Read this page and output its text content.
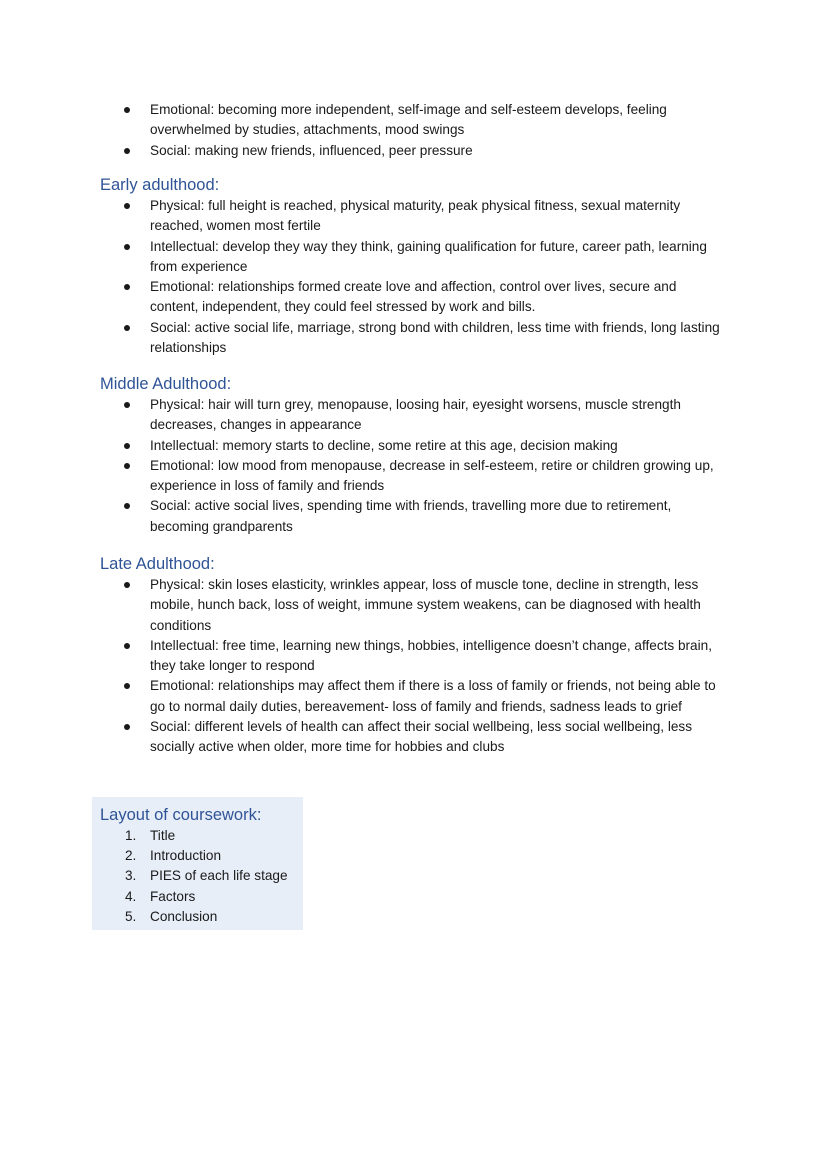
Emotional: becoming more independent, self-image and self-esteem develops, feeling overwhelmed by studies, attachments, mood swings
Social: making new friends, influenced, peer pressure
Early adulthood:
Physical: full height is reached, physical maturity, peak physical fitness, sexual maternity reached, women most fertile
Intellectual: develop they way they think, gaining qualification for future, career path, learning from experience
Emotional: relationships formed create love and affection, control over lives, secure and content, independent, they could feel stressed by work and bills.
Social: active social life, marriage, strong bond with children, less time with friends, long lasting relationships
Middle Adulthood:
Physical: hair will turn grey, menopause, loosing hair, eyesight worsens, muscle strength decreases, changes in appearance
Intellectual: memory starts to decline, some retire at this age, decision making
Emotional: low mood from menopause, decrease in self-esteem, retire or children growing up, experience in loss of family and friends
Social: active social lives, spending time with friends, travelling more due to retirement, becoming grandparents
Late Adulthood:
Physical: skin loses elasticity, wrinkles appear, loss of muscle tone, decline in strength, less mobile, hunch back, loss of weight, immune system weakens, can be diagnosed with health conditions
Intellectual: free time, learning new things, hobbies, intelligence doesn’t change, affects brain, they take longer to respond
Emotional: relationships may affect them if there is a loss of family or friends, not being able to go to normal daily duties, bereavement- loss of family and friends, sadness leads to grief
Social: different levels of health can affect their social wellbeing, less social wellbeing, less socially active when older, more time for hobbies and clubs
Layout of coursework:
1. Title
2. Introduction
3. PIES of each life stage
4. Factors
5. Conclusion
